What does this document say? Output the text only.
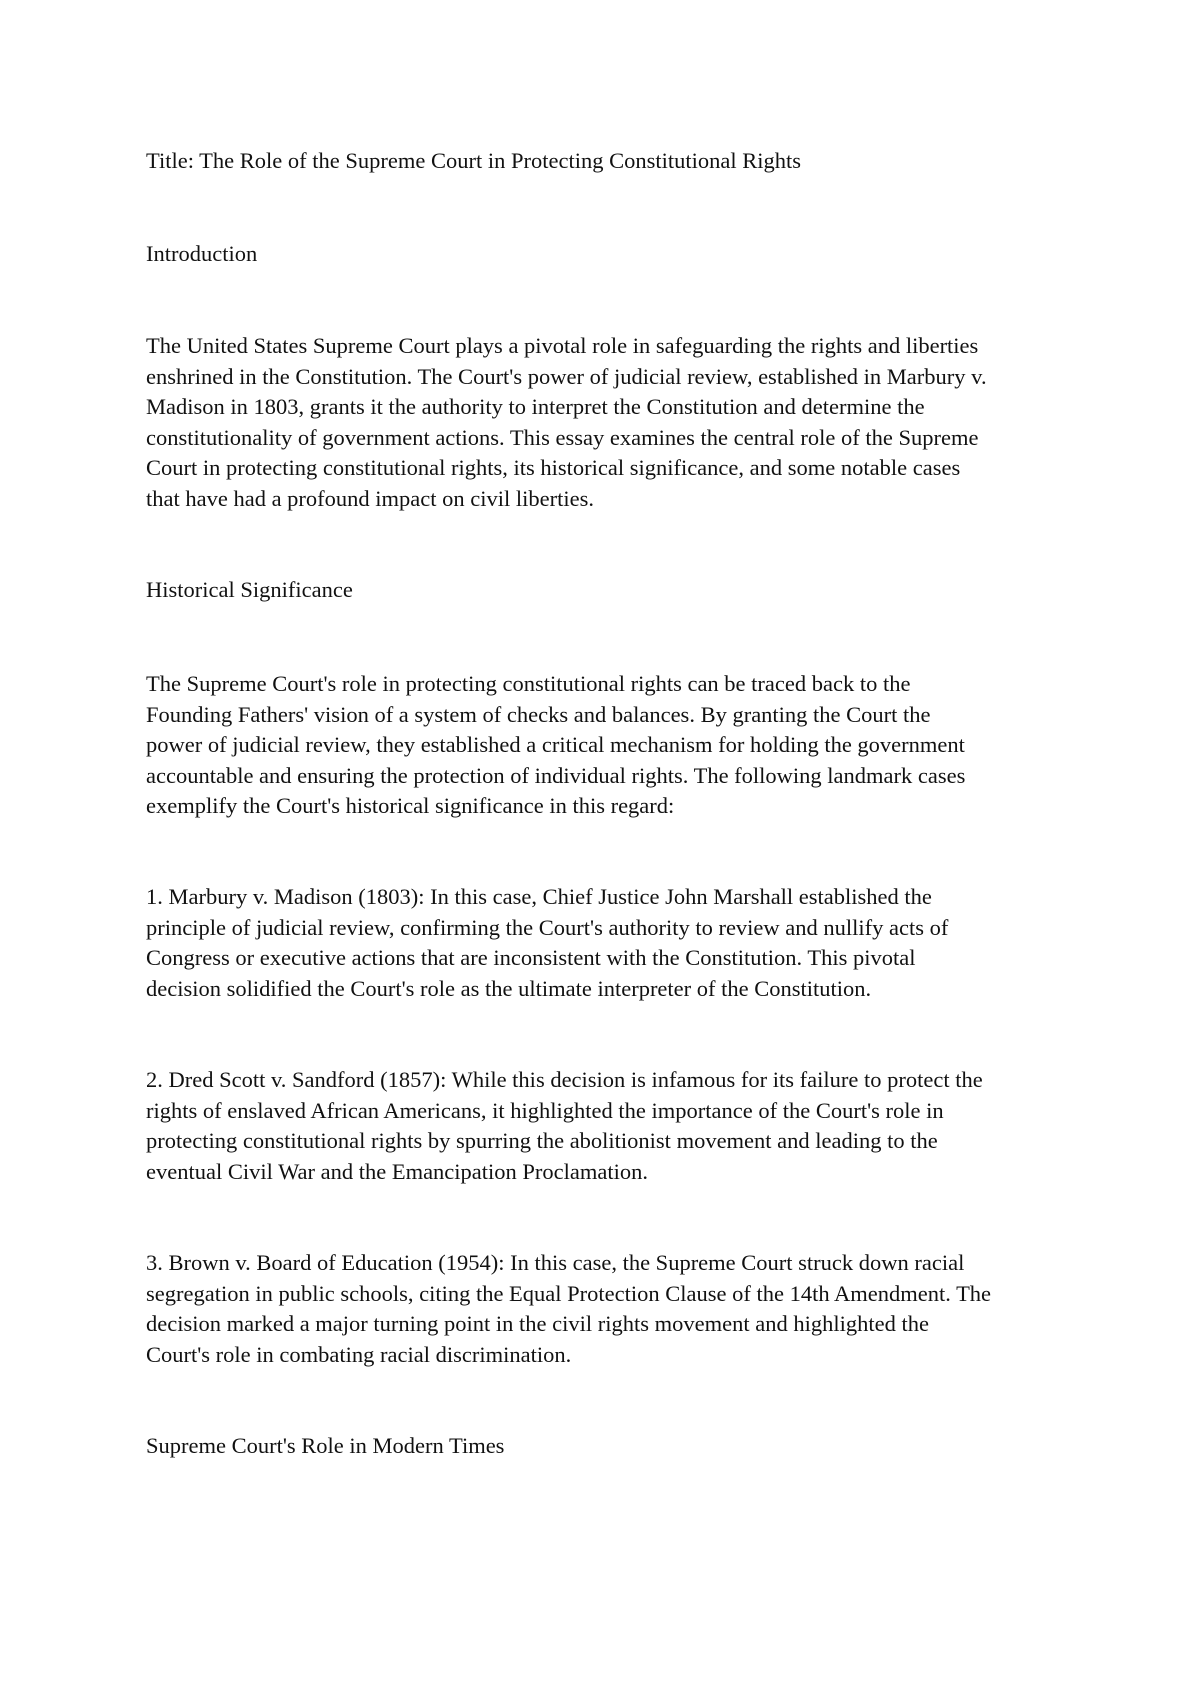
Title: The Role of the Supreme Court in Protecting Constitutional Rights

Introduction

The United States Supreme Court plays a pivotal role in safeguarding the rights and liberties
enshrined in the Constitution. The Court's power of judicial review, established in Marbury v.
Madison in 1803, grants it the authority to interpret the Constitution and determine the
constitutionality of government actions. This essay examines the central role of the Supreme
Court in protecting constitutional rights, its historical significance, and some notable cases
that have had a profound impact on civil liberties.

Historical Significance

The Supreme Court's role in protecting constitutional rights can be traced back to the
Founding Fathers' vision of a system of checks and balances. By granting the Court the
power of judicial review, they established a critical mechanism for holding the government
accountable and ensuring the protection of individual rights. The following landmark cases
exemplify the Court's historical significance in this regard:

1. Marbury v. Madison (1803): In this case, Chief Justice John Marshall established the
principle of judicial review, confirming the Court's authority to review and nullify acts of
Congress or executive actions that are inconsistent with the Constitution. This pivotal
decision solidified the Court's role as the ultimate interpreter of the Constitution.

2. Dred Scott v. Sandford (1857): While this decision is infamous for its failure to protect the
rights of enslaved African Americans, it highlighted the importance of the Court's role in
protecting constitutional rights by spurring the abolitionist movement and leading to the
eventual Civil War and the Emancipation Proclamation.

3. Brown v. Board of Education (1954): In this case, the Supreme Court struck down racial
segregation in public schools, citing the Equal Protection Clause of the 14th Amendment. The
decision marked a major turning point in the civil rights movement and highlighted the
Court's role in combating racial discrimination.

Supreme Court's Role in Modern Times
